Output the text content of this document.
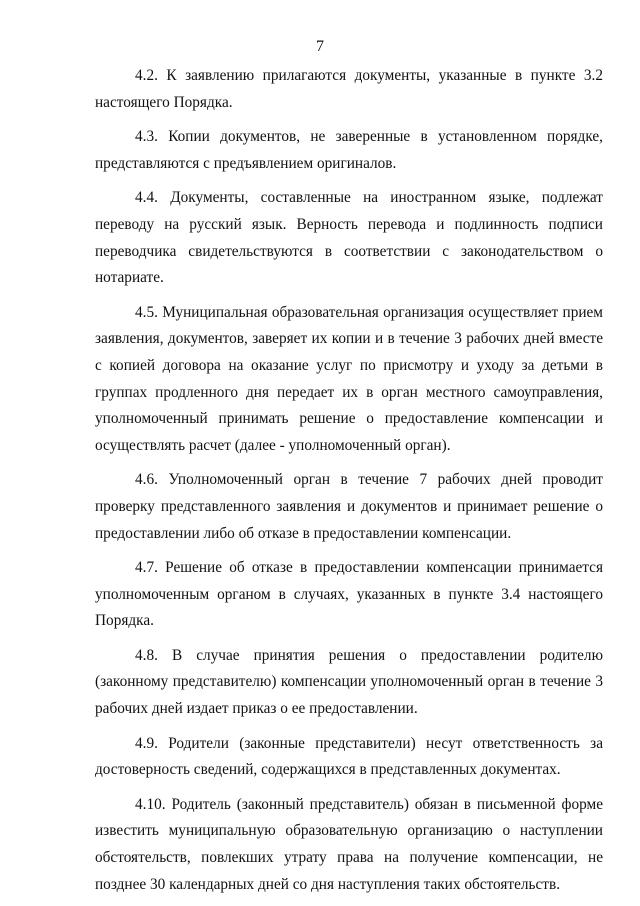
7

4.2. К заявлению прилагаются документы, указанные в пункте 3.2 настоящего Порядка.

4.3. Копии документов, не заверенные в установленном порядке, представляются с предъявлением оригиналов.

4.4. Документы, составленные на иностранном языке, подлежат переводу на русский язык. Верность перевода и подлинность подписи переводчика свидетельствуются в соответствии с законодательством о нотариате.

4.5. Муниципальная образовательная организация осуществляет прием заявления, документов, заверяет их копии и в течение 3 рабочих дней вместе с копией договора на оказание услуг по присмотру и уходу за детьми в группах продленного дня передает их в орган местного самоуправления, уполномоченный принимать решение о предоставление компенсации и осуществлять расчет (далее - уполномоченный орган).

4.6. Уполномоченный орган в течение 7 рабочих дней проводит проверку представленного заявления и документов и принимает решение о предоставлении либо об отказе в предоставлении компенсации.

4.7. Решение об отказе в предоставлении компенсации принимается уполномоченным органом в случаях, указанных в пункте 3.4 настоящего Порядка.

4.8. В случае принятия решения о предоставлении родителю (законному представителю) компенсации уполномоченный орган в течение 3 рабочих дней издает приказ о ее предоставлении.

4.9. Родители (законные представители) несут ответственность за достоверность сведений, содержащихся в представленных документах.

4.10. Родитель (законный представитель) обязан в письменной форме известить муниципальную образовательную организацию о наступлении обстоятельств, повлекших утрату права на получение компенсации, не позднее 30 календарных дней со дня наступления таких обстоятельств.
